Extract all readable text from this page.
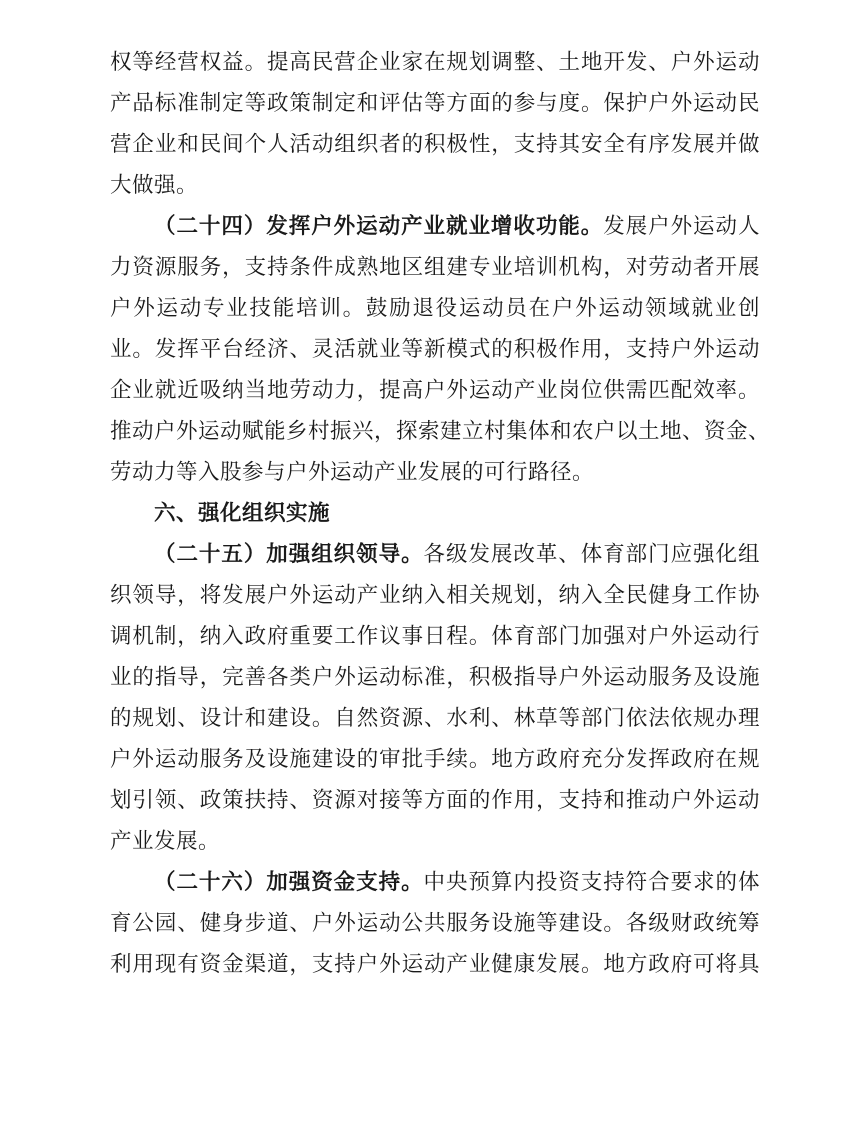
权等经营权益。提高民营企业家在规划调整、土地开发、户外运动
产品标准制定等政策制定和评估等方面的参与度。保护户外运动民
营企业和民间个人活动组织者的积极性，支持其安全有序发展并做
大做强。
（二十四）发挥户外运动产业就业增收功能。发展户外运动人
力资源服务，支持条件成熟地区组建专业培训机构，对劳动者开展
户外运动专业技能培训。鼓励退役运动员在户外运动领域就业创
业。发挥平台经济、灵活就业等新模式的积极作用，支持户外运动
企业就近吸纳当地劳动力，提高户外运动产业岗位供需匹配效率。
推动户外运动赋能乡村振兴，探索建立村集体和农户以土地、资金、
劳动力等入股参与户外运动产业发展的可行路径。
六、强化组织实施
（二十五）加强组织领导。各级发展改革、体育部门应强化组
织领导，将发展户外运动产业纳入相关规划，纳入全民健身工作协
调机制，纳入政府重要工作议事日程。体育部门加强对户外运动行
业的指导，完善各类户外运动标准，积极指导户外运动服务及设施
的规划、设计和建设。自然资源、水利、林草等部门依法依规办理
户外运动服务及设施建设的审批手续。地方政府充分发挥政府在规
划引领、政策扶持、资源对接等方面的作用，支持和推动户外运动
产业发展。
（二十六）加强资金支持。中央预算内投资支持符合要求的体
育公园、健身步道、户外运动公共服务设施等建设。各级财政统筹
利用现有资金渠道，支持户外运动产业健康发展。地方政府可将具
